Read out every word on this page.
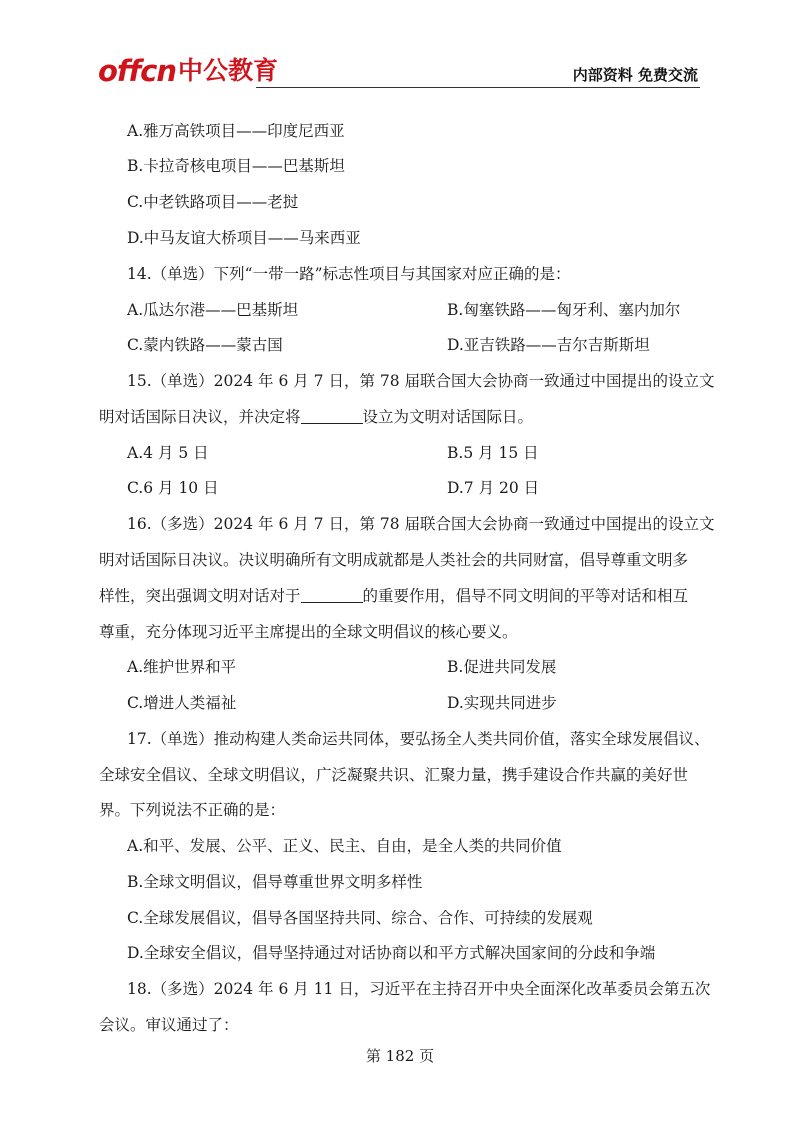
offcn 中公教育	内部资料 免费交流
A.雅万高铁项目——印度尼西亚
B.卡拉奇核电项目——巴基斯坦
C.中老铁路项目——老挝
D.中马友谊大桥项目——马来西亚
14.（单选）下列“一带一路”标志性项目与其国家对应正确的是：
A.瓜达尔港——巴基斯坦	B.匈塞铁路——匈牙利、塞内加尔
C.蒙内铁路——蒙古国	D.亚吉铁路——吉尔吉斯斯坦
15.（单选）2024 年 6 月 7 日，第 78 届联合国大会协商一致通过中国提出的设立文
明对话国际日决议，并决定将	设立为文明对话国际日。
A.4 月 5 日	B.5 月 15 日
C.6 月 10 日	D.7 月 20 日
16.（多选）2024 年 6 月 7 日，第 78 届联合国大会协商一致通过中国提出的设立文
明对话国际日决议。决议明确所有文明成就都是人类社会的共同财富，倡导尊重文明多
样性，突出强调文明对话对于	的重要作用，倡导不同文明间的平等对话和相互
尊重，充分体现习近平主席提出的全球文明倡议的核心要义。
A.维护世界和平	B.促进共同发展
C.增进人类福祉	D.实现共同进步
17.（单选）推动构建人类命运共同体，要弘扬全人类共同价值，落实全球发展倡议、
全球安全倡议、全球文明倡议，广泛凝聚共识、汇聚力量，携手建设合作共赢的美好世
界。下列说法不正确的是：
A.和平、发展、公平、正义、民主、自由，是全人类的共同价值
B.全球文明倡议，倡导尊重世界文明多样性
C.全球发展倡议，倡导各国坚持共同、综合、合作、可持续的发展观
D.全球安全倡议，倡导坚持通过对话协商以和平方式解决国家间的分歧和争端
18.（多选）2024 年 6 月 11 日，习近平在主持召开中央全面深化改革委员会第五次
会议。审议通过了：
第 182 页
